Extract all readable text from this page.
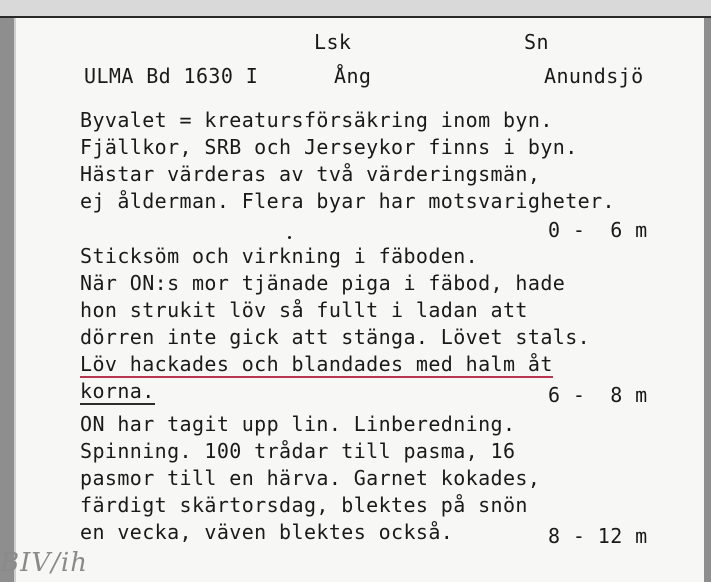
Lsk	Sn
ULMA Bd 1630 I	Ång	Anundsjö
Byvalet = kreatursförsäkring inom byn.
Fjällkor, SRB och Jerseykor finns i byn.
Hästar värderas av två värderingsmän,
ej ålderman. Flera byar har motsvarigheter.
0 -  6 m
Sticksöm och virkning i fäboden.
När ON:s mor tjänade piga i fäbod, hade
hon strukit löv så fullt i ladan att
dörren inte gick att stänga. Lövet stals.
Löv hackades och blandades med halm åt
korna.	6 -  8 m
ON har tagit upp lin. Linberedning.
Spinning. 100 trådar till pasma, 16
pasmor till en härva. Garnet kokades,
färdigt skärtorsdag, blektes på snön
en vecka, väven blektes också.	8 - 12 m
BIV/ih
